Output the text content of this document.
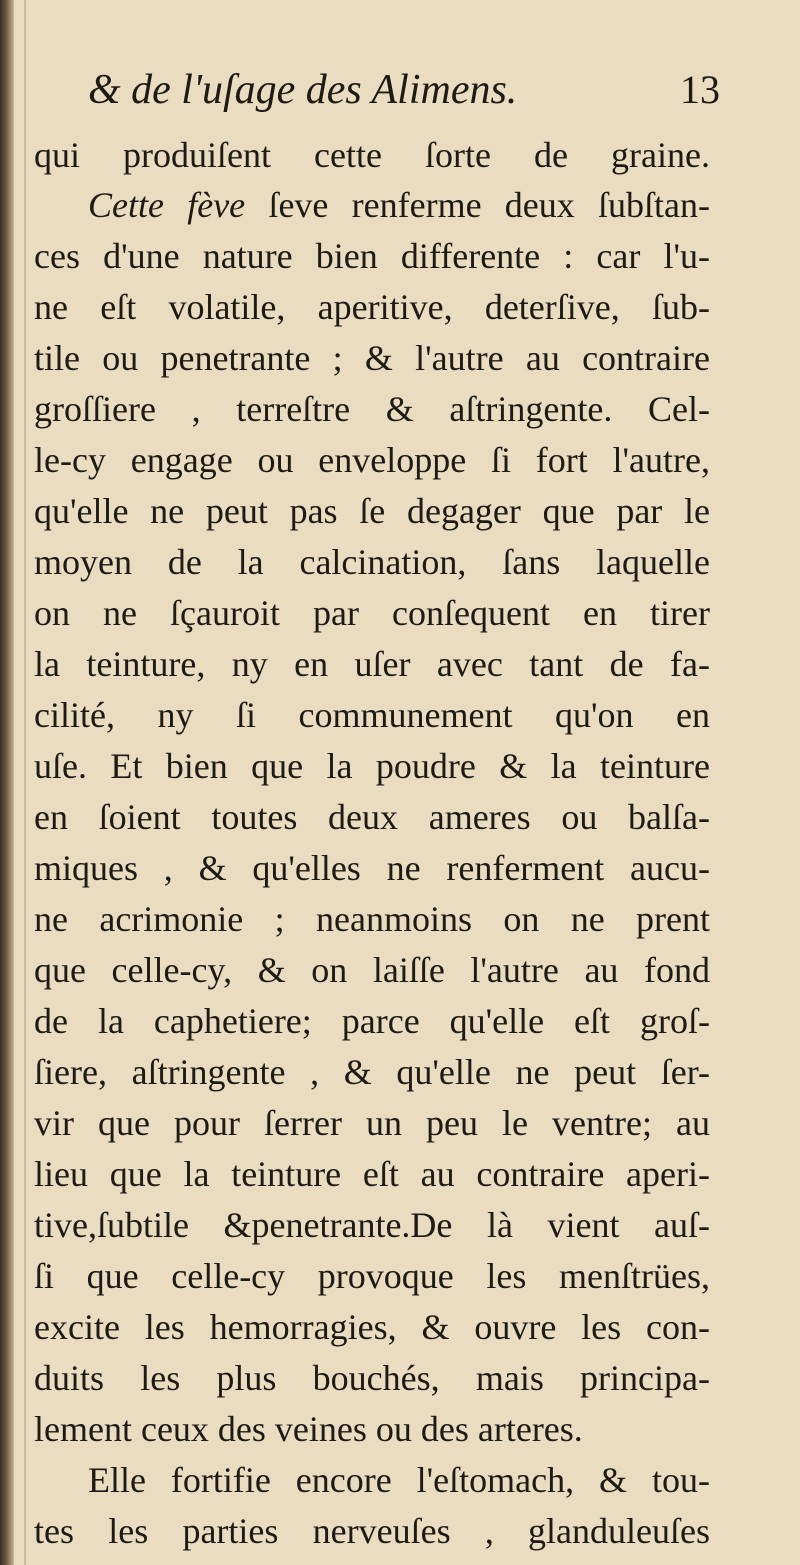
& de l'uſage des Alimens.	13
qui produiſent cette ſorte de graine.
Cette fève ſeve renferme deux ſubſtan-
ces d'une nature bien differente : car l'u-
ne eſt volatile, aperitive, deterſive, ſub-
tile ou penetrante ; & l'autre au contraire
groſſiere , terreſtre & aſtringente. Cel-
le-cy engage ou enveloppe ſi fort l'autre,
qu'elle ne peut pas ſe degager que par le
moyen de la calcination, ſans laquelle
on ne ſçauroit par conſequent en tirer
la teinture, ny en uſer avec tant de fa-
cilité, ny ſi communement qu'on en
uſe. Et bien que la poudre & la teinture
en ſoient toutes deux ameres ou balſa-
miques , & qu'elles ne renferment aucu-
ne acrimonie ; neanmoins on ne prent
que celle-cy, & on laiſſe l'autre au fond
de la caphetiere; parce qu'elle eſt groſ-
ſiere, aſtringente , & qu'elle ne peut ſer-
vir que pour ſerrer un peu le ventre; au
lieu que la teinture eſt au contraire aperi-
tive,ſubtile &penetrante.De là vient auſ-
ſi que celle-cy provoque les menſtrües,
excite les hemorragies, & ouvre les con-
duits les plus bouchés, mais principa-
lement ceux des veines ou des arteres.
Elle fortifie encore l'eſtomach, & tou-
tes les parties nerveuſes , glanduleuſes
